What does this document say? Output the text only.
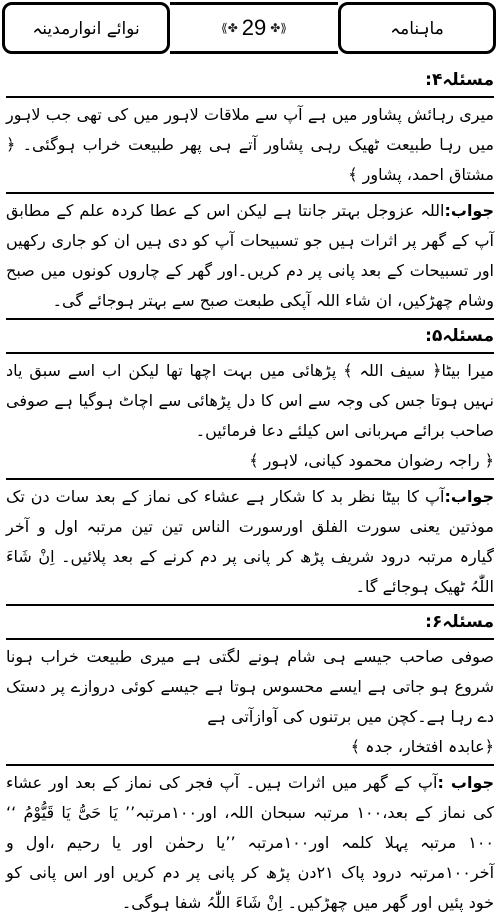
نوائے انوارمدینہ	⟪✤ 29 ✤⟫	ماہنامہ
مسئلہ۴:

میری رہائش پشاور میں ہے آپ سے ملاقات لاہور میں کی تھی جب لاہور میں رہا طبیعت ٹھیک رہی پشاور آتے ہی پھر طبیعت خراب ہوگئی۔ ﴿ مشتاق احمد، پشاور ﴾

جواب:اللہ عزوجل بہتر جانتا ہے لیکن اس کے عطا کردہ علم کے مطابق آپ کے گھر پر اثرات ہیں جو تسبیحات آپ کو دی ہیں ان کو جاری رکھیں اور تسبیحات کے بعد پانی پر دم کریں۔اور گھر کے چاروں کونوں میں صبح وشام چھڑکیں، ان شاء اللہ آپکی طبعت صبح سے بہتر ہوجائے گی۔

مسئلہ۵:

میرا بیٹا﴿ سیف اللہ ﴾ پڑھائی میں بہت اچھا تھا لیکن اب اسے سبق یاد نہیں ہوتا جس کی وجہ سے اس کا دل پڑھائی سے اچاٹ ہوگیا ہے صوفی صاحب برائے مہربانی اس کیلئے دعا فرمائیں۔

﴿ راجہ رضوان محمود کیانی، لاہور ﴾

جواب:آپ کا بیٹا نظر بد کا شکار ہے عشاء کی نماز کے بعد سات دن تک موذتین یعنی سورت الفلق اورسورت الناس تین تین مرتبہ اول و آخر گیارہ مرتبہ درود شریف پڑھ کر پانی پر دم کرنے کے بعد پلائیں۔ اِنْ شَاءَ اللّٰہُ ٹھیک ہوجائے گا۔

مسئلہ۶:

صوفی صاحب جیسے ہی شام ہونے لگتی ہے میری طبیعت خراب ہونا شروع ہو جاتی ہے ایسے محسوس ہوتا ہے جیسے کوئی دروازے پر دستک دے رہا ہے۔کچن میں برتنوں کی آوازآتی ہے

﴿عابدہ افتخار، جدہ ﴾

جواب :آپ کے گھر میں اثرات ہیں۔ آپ فجر کی نماز کے بعد اور عشاء کی نماز کے بعد،۱۰۰ مرتبہ سبحان اللہ، اور۱۰۰مرتبہ’’ یَا حَیُّ یَا قَیُّوْمُ ‘‘ ۱۰۰ مرتبہ پہلا کلمہ اور۱۰۰مرتبہ ’’یا رحمٰن اور یا رحیم ،اول و آخر۱۰۰مرتبہ درود پاک ۲۱دن پڑھ کر پانی پر دم کریں اور اس پانی کو خود پئیں اور گھر میں چھڑکیں۔ اِنْ شَاءَ اللّٰہُ شفا ہوگی۔
